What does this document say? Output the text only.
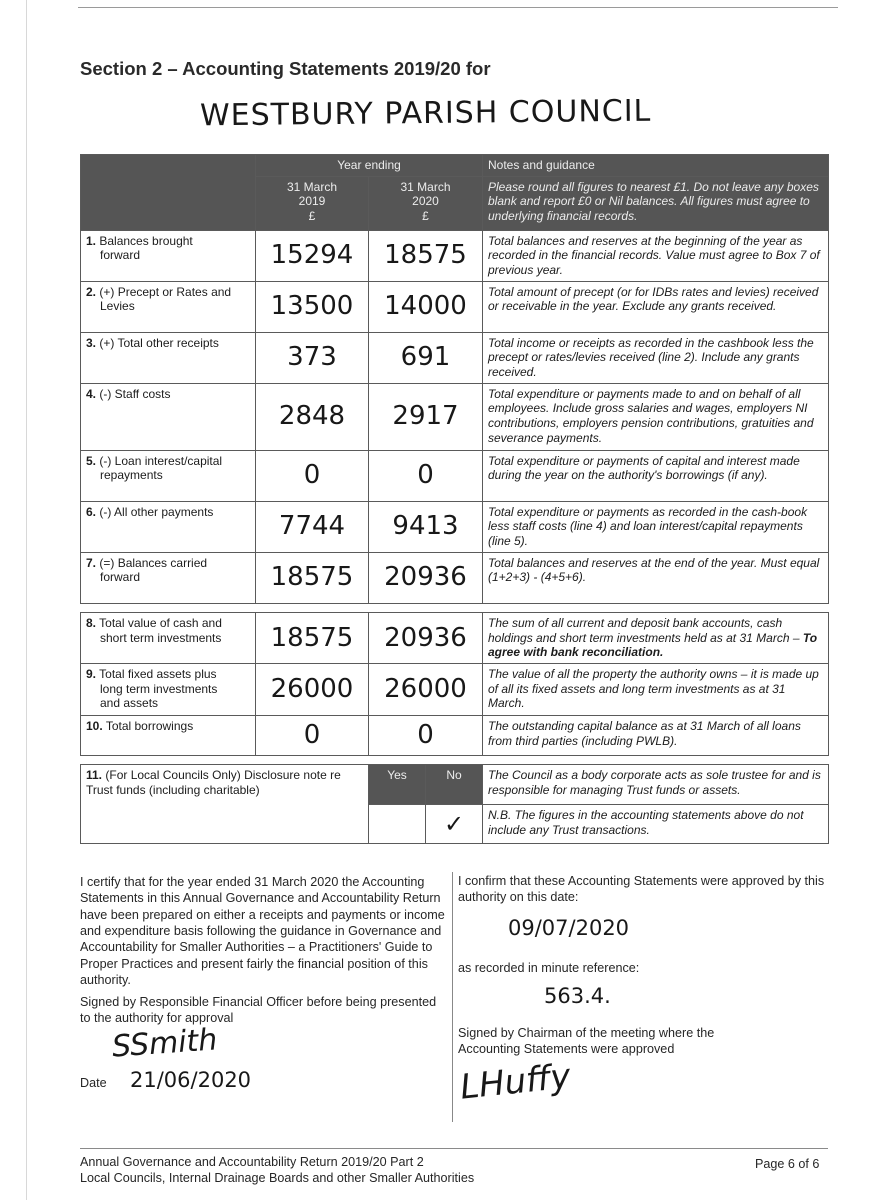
Section 2 – Accounting Statements 2019/20 for
WESTBURY PARISH COUNCIL
	Year ending		Notes and guidance
	31 March
2019
£	31 March
2020
£	Please round all figures to nearest £1. Do not leave any boxes blank and report £0 or Nil balances. All figures must agree to underlying financial records.
1. Balances brought
forward	15294	18575	Total balances and reserves at the beginning of the year as recorded in the financial records. Value must agree to Box 7 of previous year.
2. (+) Precept or Rates and
Levies	13500	14000	Total amount of precept (or for IDBs rates and levies) received or receivable in the year. Exclude any grants received.
3. (+) Total other receipts	373	691	Total income or receipts as recorded in the cashbook less the precept or rates/levies received (line 2). Include any grants received.
4. (-) Staff costs	2848	2917	Total expenditure or payments made to and on behalf of all employees. Include gross salaries and wages, employers NI contributions, employers pension contributions, gratuities and severance payments.
5. (-) Loan interest/capital
repayments	0	0	Total expenditure or payments of capital and interest made during the year on the authority's borrowings (if any).
6. (-) All other payments	7744	9413	Total expenditure or payments as recorded in the cash-book less staff costs (line 4) and loan interest/capital repayments (line 5).
7. (=) Balances carried
forward	18575	20936	Total balances and reserves at the end of the year. Must equal (1+2+3) - (4+5+6).
8. Total value of cash and
short term investments	18575	20936	The sum of all current and deposit bank accounts, cash holdings and short term investments held as at 31 March – To agree with bank reconciliation.
9. Total fixed assets plus
long term investments
and assets	26000	26000	The value of all the property the authority owns – it is made up of all its fixed assets and long term investments as at 31 March.
10. Total borrowings	0	0	The outstanding capital balance as at 31 March of all loans from third parties (including PWLB).
11. (For Local Councils Only) Disclosure note re Trust funds (including charitable)	Yes	No	The Council as a body corporate acts as sole trustee for and is responsible for managing Trust funds or assets.
		✓	N.B. The figures in the accounting statements above do not include any Trust transactions.
I certify that for the year ended 31 March 2020 the Accounting Statements in this Annual Governance and Accountability Return have been prepared on either a receipts and payments or income and expenditure basis following the guidance in Governance and Accountability for Smaller Authorities – a Practitioners' Guide to Proper Practices and present fairly the financial position of this authority.
Signed by Responsible Financial Officer before being presented to the authority for approval
SSmith
Date 21/06/2020
I confirm that these Accounting Statements were approved by this authority on this date:
09/07/2020
as recorded in minute reference:
563.4.
Signed by Chairman of the meeting where the Accounting Statements were approved
LHuffy
Annual Governance and Accountability Return 2019/20 Part 2
Local Councils, Internal Drainage Boards and other Smaller Authorities
Page 6 of 6
